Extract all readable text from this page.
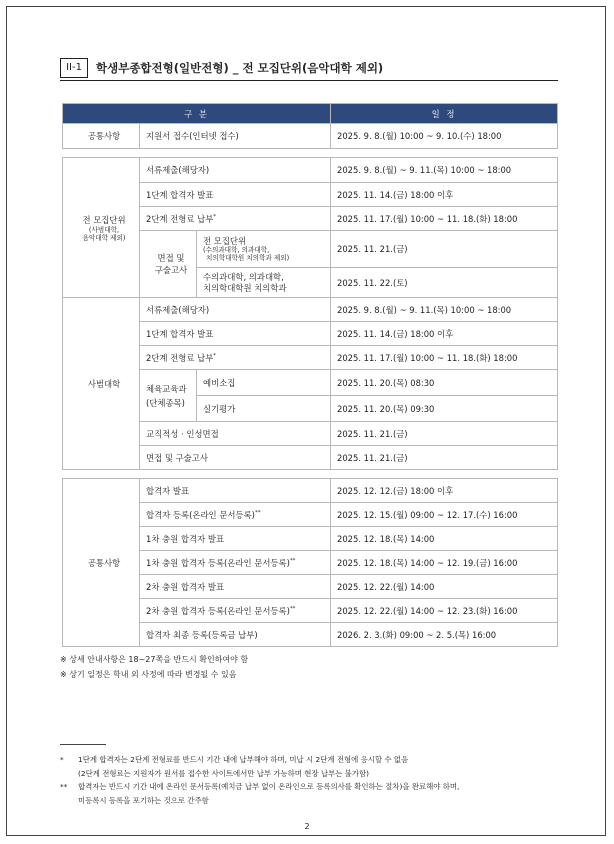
II-1	학생부종합전형(일반전형) _ 전 모집단위(음악대학 제외)
구 분			일 정
공통사항	지원서 접수(인터넷 접수)		2025. 9. 8.(월) 10:00 ~ 9. 10.(수) 18:00

전 모집단위
(사범대학,
음악대학 제외)	서류제출(해당자)		2025. 9. 8.(월) ~ 9. 11.(목) 10:00 ~ 18:00
	1단계 합격자 발표		2025. 11. 14.(금) 18:00 이후
	2단계 전형료 납부*		2025. 11. 17.(월) 10:00 ~ 11. 18.(화) 18:00

	면접 및
구술고사	전 모집단위
(수의과대학, 의과대학,
치의학대학원 치의학과 제외)	2025. 11. 21.(금)

		수의과대학, 의과대학,
치의학대학원 치의학과	2025. 11. 22.(토)
사범대학	서류제출(해당자)		2025. 9. 8.(월) ~ 9. 11.(목) 10:00 ~ 18:00
	1단계 합격자 발표		2025. 11. 14.(금) 18:00 이후
	2단계 전형료 납부*		2025. 11. 17.(월) 10:00 ~ 11. 18.(화) 18:00

	체육교육과
(단체종목)	예비소집	2025. 11. 20.(목) 08:30
		실기평가	2025. 11. 20.(목) 09:30
	교직적성 · 인성면접		2025. 11. 21.(금)
	면접 및 구술고사		2025. 11. 21.(금)

공통사항	합격자 발표		2025. 12. 12.(금) 18:00 이후
	합격자 등록(온라인 문서등록)**		2025. 12. 15.(월) 09:00 ~ 12. 17.(수) 16:00
	1차 충원 합격자 발표		2025. 12. 18.(목) 14:00
	1차 충원 합격자 등록(온라인 문서등록)**		2025. 12. 18.(목) 14:00 ~ 12. 19.(금) 16:00
	2차 충원 합격자 발표		2025. 12. 22.(월) 14:00
	2차 충원 합격자 등록(온라인 문서등록)**		2025. 12. 22.(월) 14:00 ~ 12. 23.(화) 16:00
	합격자 최종 등록(등록금 납부)		2026. 2. 3.(화) 09:00 ~ 2. 5.(목) 16:00
※ 상세 안내사항은 18~27쪽을 반드시 확인하여야 함
※ 상기 일정은 학내 외 사정에 따라 변경될 수 있음
* 1단계 합격자는 2단계 전형료를 반드시 기간 내에 납부해야 하며, 미납 시 2단계 전형에 응시할 수 없음
(2단계 전형료는 지원자가 원서를 접수한 사이트에서만 납부 가능하며 현장 납부는 불가함)
** 합격자는 반드시 기간 내에 온라인 문서등록(예치금 납부 없이 온라인으로 등록의사를 확인하는 절차)을 완료해야 하며,
미등록시 등록을 포기하는 것으로 간주함
2
